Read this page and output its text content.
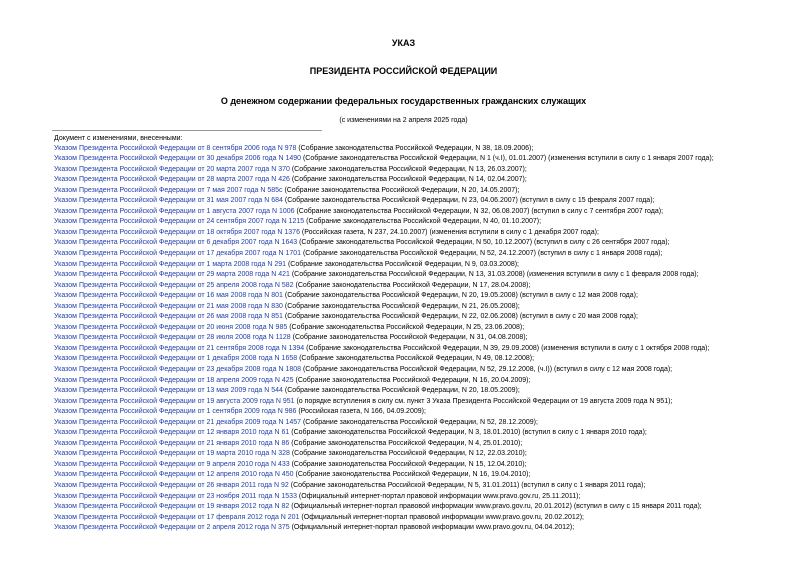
УКАЗ
ПРЕЗИДЕНТА РОССИЙСКОЙ ФЕДЕРАЦИИ
О денежном содержании федеральных государственных гражданских служащих
(с изменениями на 2 апреля 2025 года)
Документ с изменениями, внесенными:
Указом Президента Российской Федерации от 8 сентября 2006 года N 978 (Собрание законодательства Российской Федерации, N 38, 18.09.2006);
Указом Президента Российской Федерации от 30 декабря 2006 года N 1490 (Собрание законодательства Российской Федерации, N 1 (ч.I), 01.01.2007) (изменения вступили в силу с 1 января 2007 года);
Указом Президента Российской Федерации от 20 марта 2007 года N 370 (Собрание законодательства Российской Федерации, N 13, 26.03.2007);
Указом Президента Российской Федерации от 28 марта 2007 года N 426 (Собрание законодательства Российской Федерации, N 14, 02.04.2007);
Указом Президента Российской Федерации от 7 мая 2007 года N 585с (Собрание законодательства Российской Федерации, N 20, 14.05.2007);
Указом Президента Российской Федерации от 31 мая 2007 года N 684 (Собрание законодательства Российской Федерации, N 23, 04.06.2007) (вступил в силу с 15 февраля 2007 года);
Указом Президента Российской Федерации от 1 августа 2007 года N 1006 (Собрание законодательства Российской Федерации, N 32, 06.08.2007) (вступил в силу с 7 сентября 2007 года);
Указом Президента Российской Федерации от 24 сентября 2007 года N 1215 (Собрание законодательства Российской Федерации, N 40, 01.10.2007);
Указом Президента Российской Федерации от 18 октября 2007 года N 1376 (Российская газета, N 237, 24.10.2007) (изменения вступили в силу с 1 декабря 2007 года);
Указом Президента Российской Федерации от 6 декабря 2007 года N 1643 (Собрание законодательства Российской Федерации, N 50, 10.12.2007) (вступил в силу с 26 сентября 2007 года);
Указом Президента Российской Федерации от 17 декабря 2007 года N 1701 (Собрание законодательства Российской Федерации, N 52, 24.12.2007) (вступил в силу с 1 января 2008 года);
Указом Президента Российской Федерации от 1 марта 2008 года N 291 (Собрание законодательства Российской Федерации, N 9, 03.03.2008);
Указом Президента Российской Федерации от 29 марта 2008 года N 421 (Собрание законодательства Российской Федерации, N 13, 31.03.2008) (изменения вступили в силу с 1 февраля 2008 года);
Указом Президента Российской Федерации от 25 апреля 2008 года N 582 (Собрание законодательства Российской Федерации, N 17, 28.04.2008);
Указом Президента Российской Федерации от 16 мая 2008 года N 801 (Собрание законодательства Российской Федерации, N 20, 19.05.2008) (вступил в силу с 12 мая 2008 года);
Указом Президента Российской Федерации от 21 мая 2008 года N 830 (Собрание законодательства Российской Федерации, N 21, 26.05.2008);
Указом Президента Российской Федерации от 26 мая 2008 года N 851 (Собрание законодательства Российской Федерации, N 22, 02.06.2008) (вступил в силу с 20 мая 2008 года);
Указом Президента Российской Федерации от 20 июня 2008 года N 985 (Собрание законодательства Российской Федерации, N 25, 23.06.2008);
Указом Президента Российской Федерации от 28 июля 2008 года N 1128 (Собрание законодательства Российской Федерации, N 31, 04.08.2008);
Указом Президента Российской Федерации от 21 сентября 2008 года N 1394 (Собрание законодательства Российской Федерации, N 39, 29.09.2008) (изменения вступили в силу с 1 октября 2008 года);
Указом Президента Российской Федерации от 1 декабря 2008 года N 1658 (Собрание законодательства Российской Федерации, N 49, 08.12.2008);
Указом Президента Российской Федерации от 23 декабря 2008 года N 1808 (Собрание законодательства Российской Федерации, N 52, 29.12.2008, (ч.I)) (вступил в силу с 12 мая 2008 года);
Указом Президента Российской Федерации от 18 апреля 2009 года N 425 (Собрание законодательства Российской Федерации, N 16, 20.04.2009);
Указом Президента Российской Федерации от 13 мая 2009 года N 544 (Собрание законодательства Российской Федерации, N 20, 18.05.2009);
Указом Президента Российской Федерации от 19 августа 2009 года N 951 (о порядке вступления в силу см. пункт 3 Указа Президента Российской Федерации от 19 августа 2009 года N 951);
Указом Президента Российской Федерации от 1 сентября 2009 года N 986 (Российская газета, N 166, 04.09.2009);
Указом Президента Российской Федерации от 21 декабря 2009 года N 1457 (Собрание законодательства Российской Федерации, N 52, 28.12.2009);
Указом Президента Российской Федерации от 12 января 2010 года N 61 (Собрание законодательства Российской Федерации, N 3, 18.01.2010) (вступил в силу с 1 января 2010 года);
Указом Президента Российской Федерации от 21 января 2010 года N 86 (Собрание законодательства Российской Федерации, N 4, 25.01.2010);
Указом Президента Российской Федерации от 19 марта 2010 года N 328 (Собрание законодательства Российской Федерации, N 12, 22.03.2010);
Указом Президента Российской Федерации от 9 апреля 2010 года N 433 (Собрание законодательства Российской Федерации, N 15, 12.04.2010);
Указом Президента Российской Федерации от 12 апреля 2010 года N 450 (Собрание законодательства Российской Федерации, N 16, 19.04.2010);
Указом Президента Российской Федерации от 26 января 2011 года N 92 (Собрание законодательства Российской Федерации, N 5, 31.01.2011) (вступил в силу с 1 января 2011 года);
Указом Президента Российской Федерации от 23 ноября 2011 года N 1533 (Официальный интернет-портал правовой информации www.pravo.gov.ru, 25.11.2011);
Указом Президента Российской Федерации от 19 января 2012 года N 82 (Официальный интернет-портал правовой информации www.pravo.gov.ru, 20.01.2012) (вступил в силу с 15 января 2011 года);
Указом Президента Российской Федерации от 17 февраля 2012 года N 201 (Официальный интернет-портал правовой информации www.pravo.gov.ru, 20.02.2012);
Указом Президента Российской Федерации от 2 апреля 2012 года N 375 (Официальный интернет-портал правовой информации www.pravo.gov.ru, 04.04.2012);
